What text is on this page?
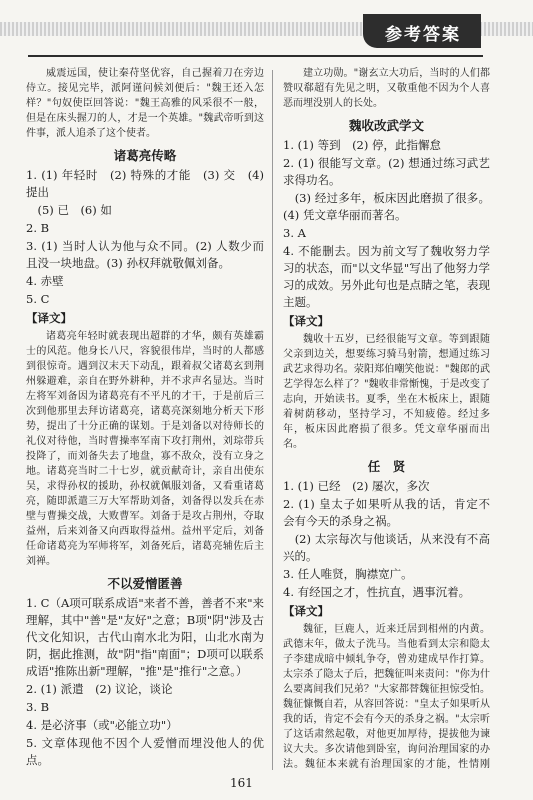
参考答案

威震远国，使让秦苻坚优容，自己握着刀在旁边侍立。接见完毕，派阿谨问候刘便后："魏王还入怎样？"句奴使臣回答说："魏王高雅的风采很不一般，但是在床头握刀的人，才是一个英雄。"魏武帝听到这件事，派人追杀了这个使者。

诸葛亮传略

1. (1) 年轻时　(2) 特殊的才能　(3) 交　(4) 提出

　(5) 已　(6) 如

2. B

3. (1) 当时人认为他与众不同。(2) 人数少而且没一块地盘。(3) 孙权拜就敬佩刘备。

4. 赤壁

5. C

【译文】

诸葛亮年轻时就表现出超群的才华，颇有英雄霸士的风范。他身长八尺，容貌很伟岸，当时的人都感到很惊奇。遇到汉末天下动乱，跟着叔父诸葛玄到荆州躲避难，亲自在野外耕种，并不求声名显达。当时左将军刘备因为诸葛亮有不平凡的才干，于是前后三次到他那里去拜访诸葛亮，诸葛亮深刻地分析天下形势，提出了十分正确的谋划。于是刘备以对待师长的礼仪对待他，当时曹操率军南下攻打荆州，刘琮带兵投降了，而刘备失去了地盘，寡不敌众，没有立身之地。诸葛亮当时二十七岁，就贡献奇计，亲自出使东吴，求得孙权的援助，孙权就佩服刘备，又看重诸葛亮，随即派遣三万大军帮助刘备，刘备得以发兵在赤壁与曹操交战，大败曹军。刘备于是攻占荆州，夺取益州，后来刘备又向西取得益州。益州平定后，刘备任命诸葛亮为军师将军，刘备死后，诸葛亮辅佐后主刘禅。

不以爱憎匿善

1. C（A项可联系成语"来者不善，善者不来"来理解，其中"善"是"友好"之意；B项"阴"涉及古代文化知识，古代山南水北为阳，山北水南为阴，据此推测，故"阴"指"南面"；D项可以联系成语"推陈出新"理解，"推"是"推行"之意。）

2. (1) 派遣　(2) 议论，谈论

3. B

4. 是必济事（或"必能立功"）

5. 文章体现他不因个人爱憎而埋没他人的优点。

建立功勋。"谢玄立大功后，当时的人们都赞叹郗超有先见之明，又敬重他不因为个人喜恶而埋没别人的长处。

魏收改武学文

1. (1) 等到　(2) 停，此指懈怠

2. (1) 很能写文章。(2) 想通过练习武艺求得功名。

　(3) 经过多年，板床因此磨损了很多。(4) 凭文章华丽而著名。

3. A

4. 不能删去。因为前文写了魏收努力学习的状态，而"以文华显"写出了他努力学习的成效。另外此句也是点睛之笔，表现主题。

【译文】

魏收十五岁，已经很能写文章。等到跟随父亲到边关，想要练习骑马射箭，想通过练习武艺求得功名。荥阳郑伯嘲笑他说："魏郎的武艺学得怎么样了？"魏收非常惭愧，于是改变了志向，开始读书。夏季，坐在木板床上，跟随着树荫移动，坚持学习，不知疲倦。经过多年，板床因此磨损了很多。凭文章华丽而出名。

任　贤

1. (1) 已经　(2) 屡次，多次

2. (1) 皇太子如果听从我的话，肯定不会有今天的杀身之祸。

　(2) 太宗每次与他谈话，从来没有不高兴的。

3. 任人唯贤，胸襟宽广。

4. 有经国之才，性抗直，遇事沉着。

【译文】

魏征，巨鹿人，近来迁居到相州的内黄。武德末年，做太子洗马。当他看到太宗和隐太子李建成暗中倾轧争夺，曾劝建成早作打算。太宗杀了隐太子后，把魏征叫来责问："你为什么要离间我们兄弟？"大家都替魏征担惊受怕。魏征慷慨自若，从容回答说："皇太子如果听从我的话，肯定不会有今天的杀身之祸。"太宗听了这话肃然起敬，对他更加厚待，提拔他为谏议大夫。多次请他到卧室，询问治理国家的办法。魏征本来就有治理国家的才能，性情刚

161
